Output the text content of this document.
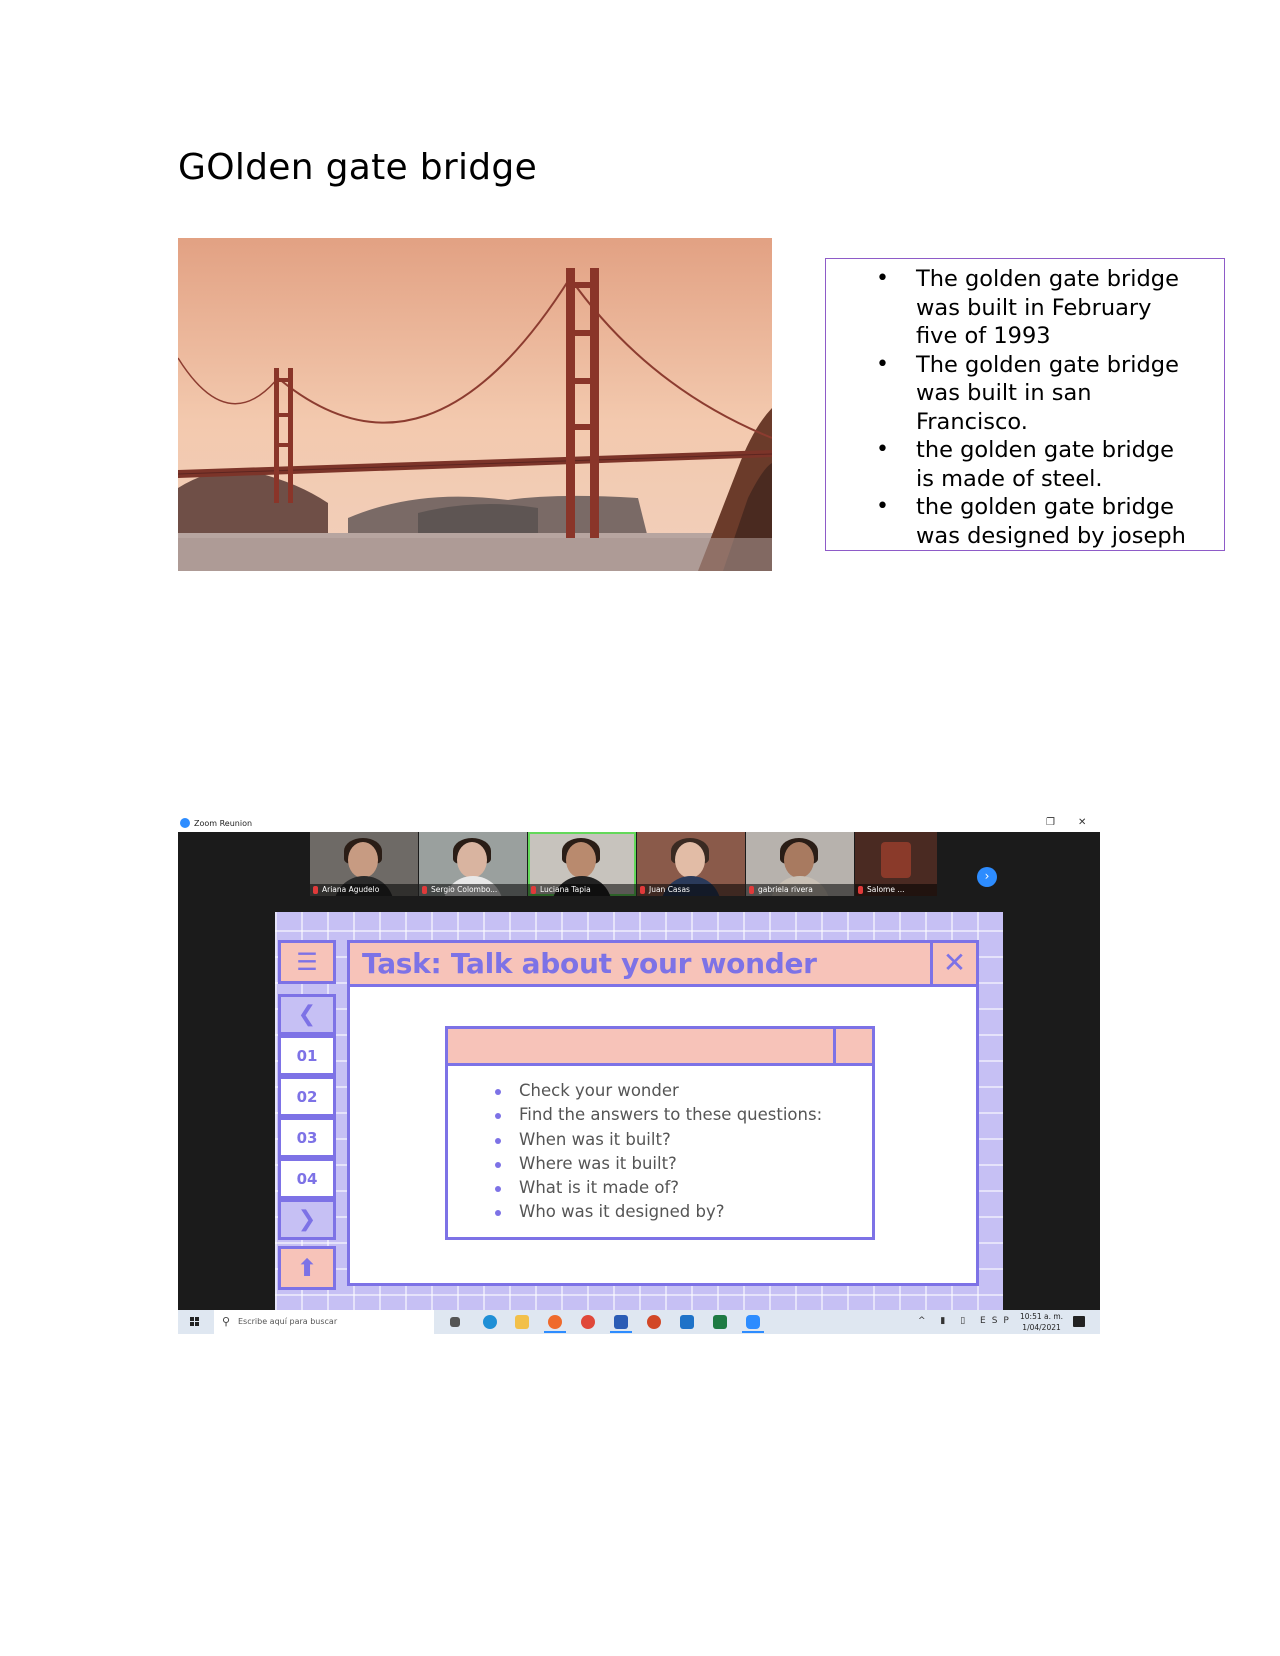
GOlden gate bridge
• The golden gate bridge was built in February five of 1993
• The golden gate bridge was built in san Francisco.
• the golden gate bridge is made of steel.
• the golden gate bridge was designed by joseph
Zoom Reunion	❐ ✕
Ariana Agudelo	Sergio Colombo...	Luciana Tapia	Juan Casas	gabriela rivera	Salome ...
›
☰
❮
01
02
03
04
❯
⬆
Task: Talk about your wonder	✕
Check your wonder
Find the answers to these questions:
When was it built?
Where was it built?
What is it made of?
Who was it designed by?
⚲ Escribe aquí para buscar	^ ▮ ▯ ESP 10:51 a. m.
1/04/2021
